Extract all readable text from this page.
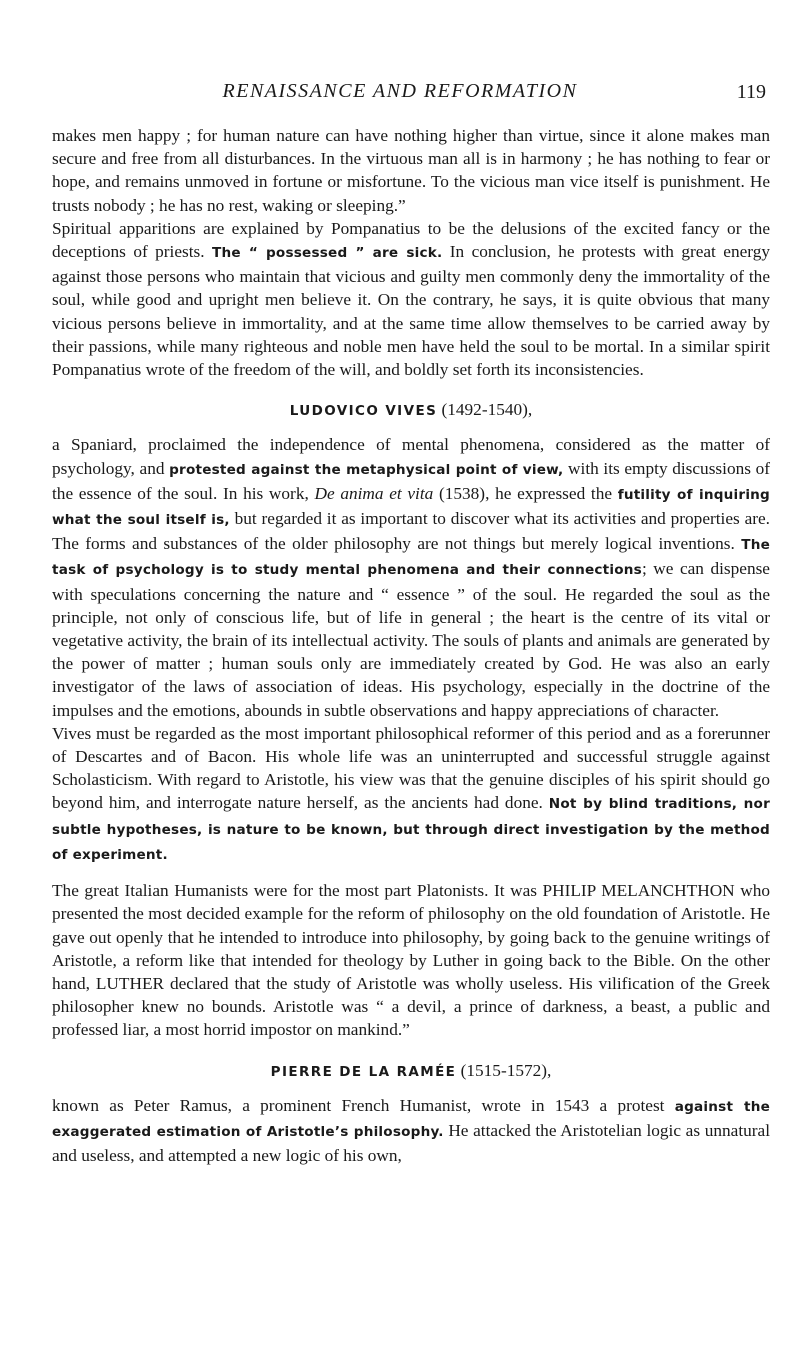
RENAISSANCE AND REFORMATION	119

makes men happy ; for human nature can have nothing higher than virtue, since it alone makes man secure and free from all disturbances. In the virtuous man all is in harmony ; he has nothing to fear or hope, and remains unmoved in fortune or misfortune. To the vicious man vice itself is punishment. He trusts nobody ; he has no rest, waking or sleeping.”

Spiritual apparitions are explained by Pompanatius to be the delusions of the excited fancy or the deceptions of priests. The “ possessed ” are sick. In conclusion, he protests with great energy against those persons who maintain that vicious and guilty men commonly deny the immortality of the soul, while good and upright men believe it. On the contrary, he says, it is quite obvious that many vicious persons believe in immortality, and at the same time allow themselves to be carried away by their passions, while many righteous and noble men have held the soul to be mortal. In a similar spirit Pompanatius wrote of the freedom of the will, and boldly set forth its inconsistencies.

LUDOVICO VIVES (1492-1540),

a Spaniard, proclaimed the independence of mental phenomena, considered as the matter of psychology, and protested against the metaphysical point of view, with its empty discussions of the essence of the soul. In his work, De anima et vita (1538), he expressed the futility of inquiring what the soul itself is, but regarded it as important to discover what its activities and properties are. The forms and substances of the older philosophy are not things but merely logical inventions. The task of psychology is to study mental phenomena and their connections; we can dispense with speculations concerning the nature and “ essence ” of the soul. He regarded the soul as the principle, not only of conscious life, but of life in general ; the heart is the centre of its vital or vegetative activity, the brain of its intellectual activity. The souls of plants and animals are generated by the power of matter ; human souls only are immediately created by God. He was also an early investigator of the laws of association of ideas. His psychology, especially in the doctrine of the impulses and the emotions, abounds in subtle observations and happy appreciations of character.

Vives must be regarded as the most important philosophical reformer of this period and as a forerunner of Descartes and of Bacon. His whole life was an uninterrupted and successful struggle against Scholasticism. With regard to Aristotle, his view was that the genuine disciples of his spirit should go beyond him, and interrogate nature herself, as the ancients had done. Not by blind traditions, nor subtle hypotheses, is nature to be known, but through direct investigation by the method of experiment.

The great Italian Humanists were for the most part Platonists. It was PHILIP MELANCHTHON who presented the most decided example for the reform of philosophy on the old foundation of Aristotle. He gave out openly that he intended to introduce into philosophy, by going back to the genuine writings of Aristotle, a reform like that intended for theology by Luther in going back to the Bible. On the other hand, LUTHER declared that the study of Aristotle was wholly useless. His vilification of the Greek philosopher knew no bounds. Aristotle was “ a devil, a prince of darkness, a beast, a public and professed liar, a most horrid impostor on mankind.”

PIERRE DE LA RAMÉE (1515-1572),

known as Peter Ramus, a prominent French Humanist, wrote in 1543 a protest against the exaggerated estimation of Aristotle’s philosophy. He attacked the Aristotelian logic as unnatural and useless, and attempted a new logic of his own,
